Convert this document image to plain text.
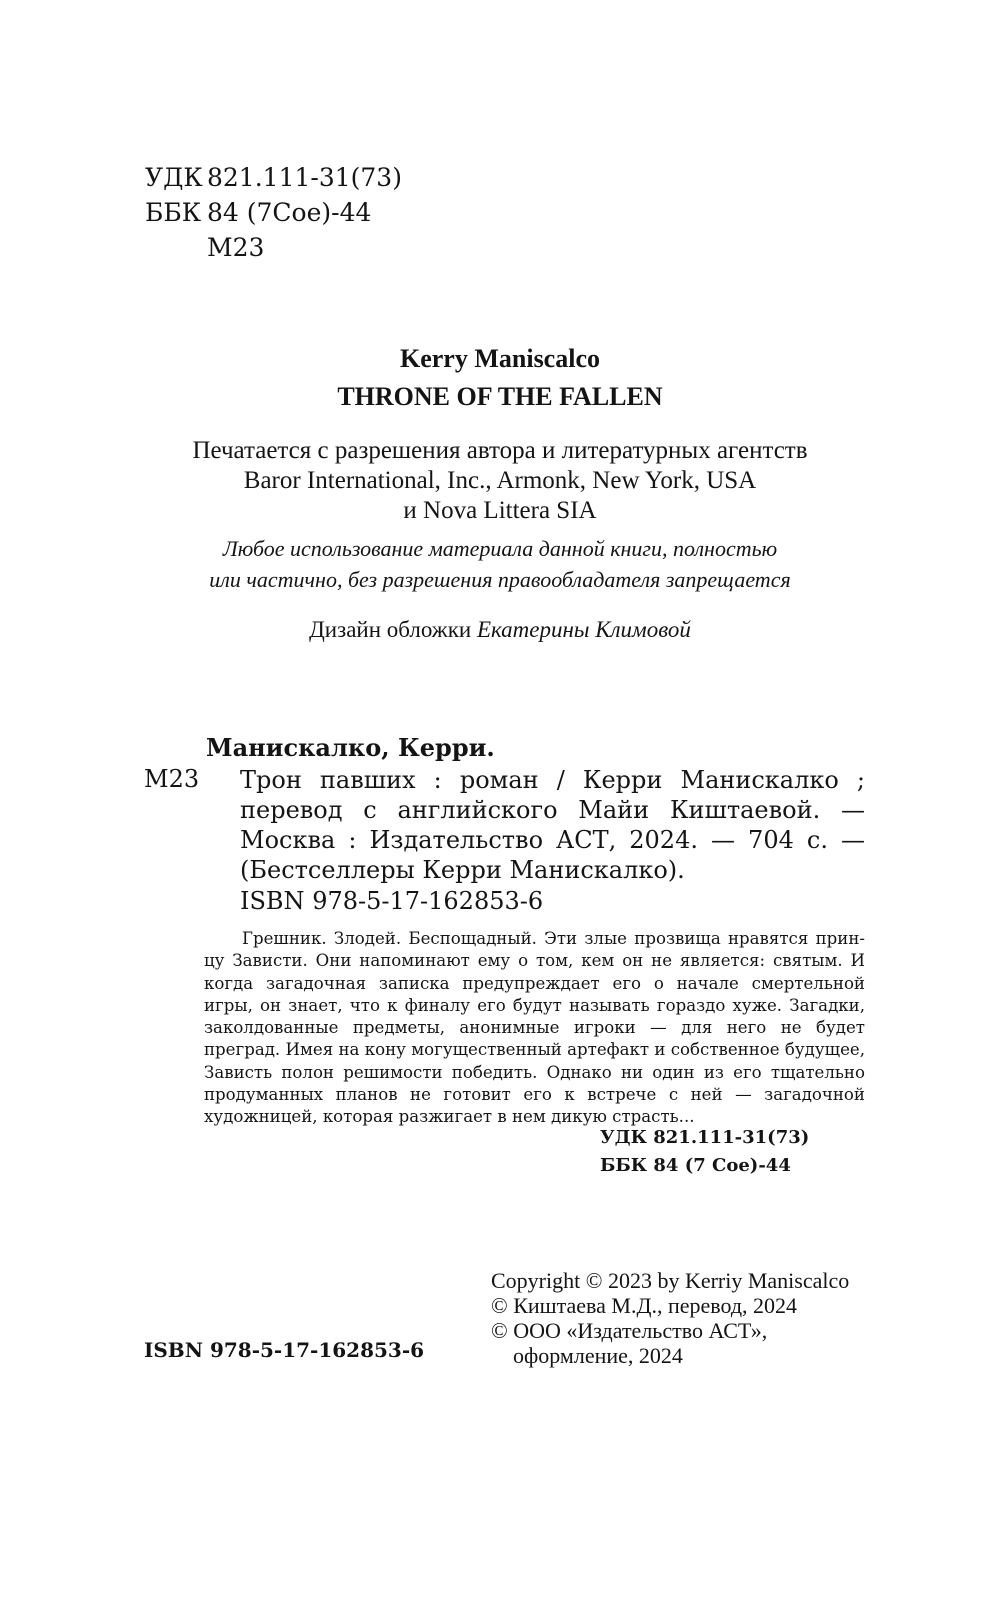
УДК 821.111-31(73)
ББК 84 (7Сое)-44
М23
Kerry Maniscalco
THRONE OF THE FALLEN
Печатается с разрешения автора и литературных агентств
Baror International, Inc., Armonk, New York, USA
и Nova Littera SIA
Любое использование материала данной книги, полностью
или частично, без разрешения правообладателя запрещается
Дизайн обложки Екатерины Климовой
Манискалко, Керри.
М23 Трон павших : роман / Керри Манискалко ; перевод с английского Майи Киштаевой. — Москва : Издательство АСТ, 2024. — 704 с. — (Бестселлеры Керри Манискалко).
ISBN 978-5-17-162853-6
Грешник. Злодей. Беспощадный. Эти злые прозвища нравятся принцу Зависти. Они напоминают ему о том, кем он не является: святым. И когда загадочная записка предупреждает его о начале смертельной игры, он знает, что к финалу его будут называть гораздо хуже. Загадки, заколдованные предметы, анонимные игроки — для него не будет преград. Имея на кону могущественный артефакт и собственное будущее, Зависть полон решимости победить. Однако ни один из его тщательно продуманных планов не готовит его к встрече с ней — загадочной художницей, которая разжигает в нем дикую страсть...
УДК 821.111-31(73)
ББК 84 (7 Сое)-44
Copyright © 2023 by Kerriy Maniscalco
© Киштаева М.Д., перевод, 2024
© ООО «Издательство АСТ»,
оформление, 2024
ISBN 978-5-17-162853-6
